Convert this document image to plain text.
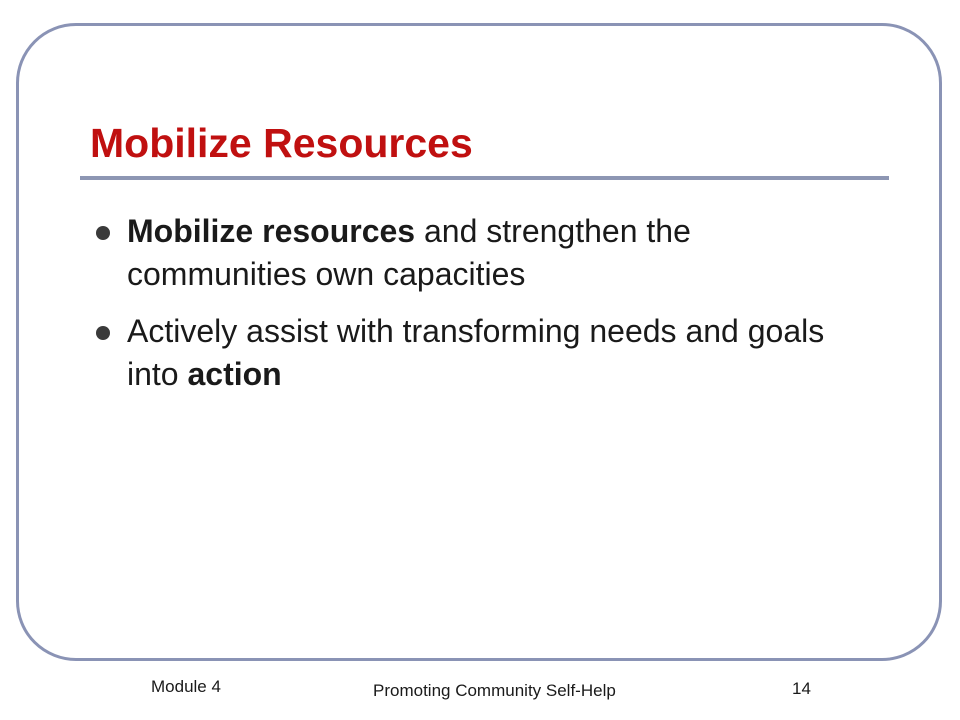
Mobilize Resources
Mobilize resources and strengthen the communities own capacities
Actively assist with transforming needs and goals into action
Module 4	Promoting Community Self-Help	14
